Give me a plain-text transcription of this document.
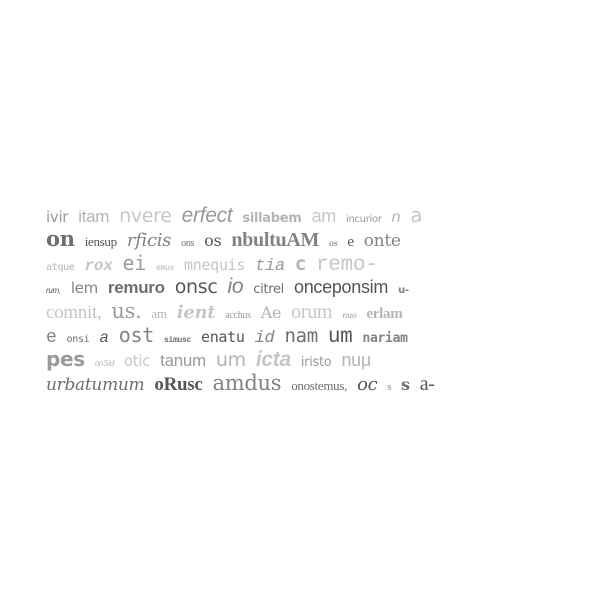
ivir itam nvere erfect sillabem am incurior n a
on iensup rficis ons os nbultuAM os e onte
atque rox ei emus mnequis tia c remo-
rum, lem remuro onsc io citrel onceponsim u-
comnit, us. am ient acchus Ae orum nuo erlam
e onsi a ost simusc enatu id nam um nariam
pes onSid otic tanum um icta iristo nuμ
urbatumum oRusc amdus onostemus, oc s s a-
